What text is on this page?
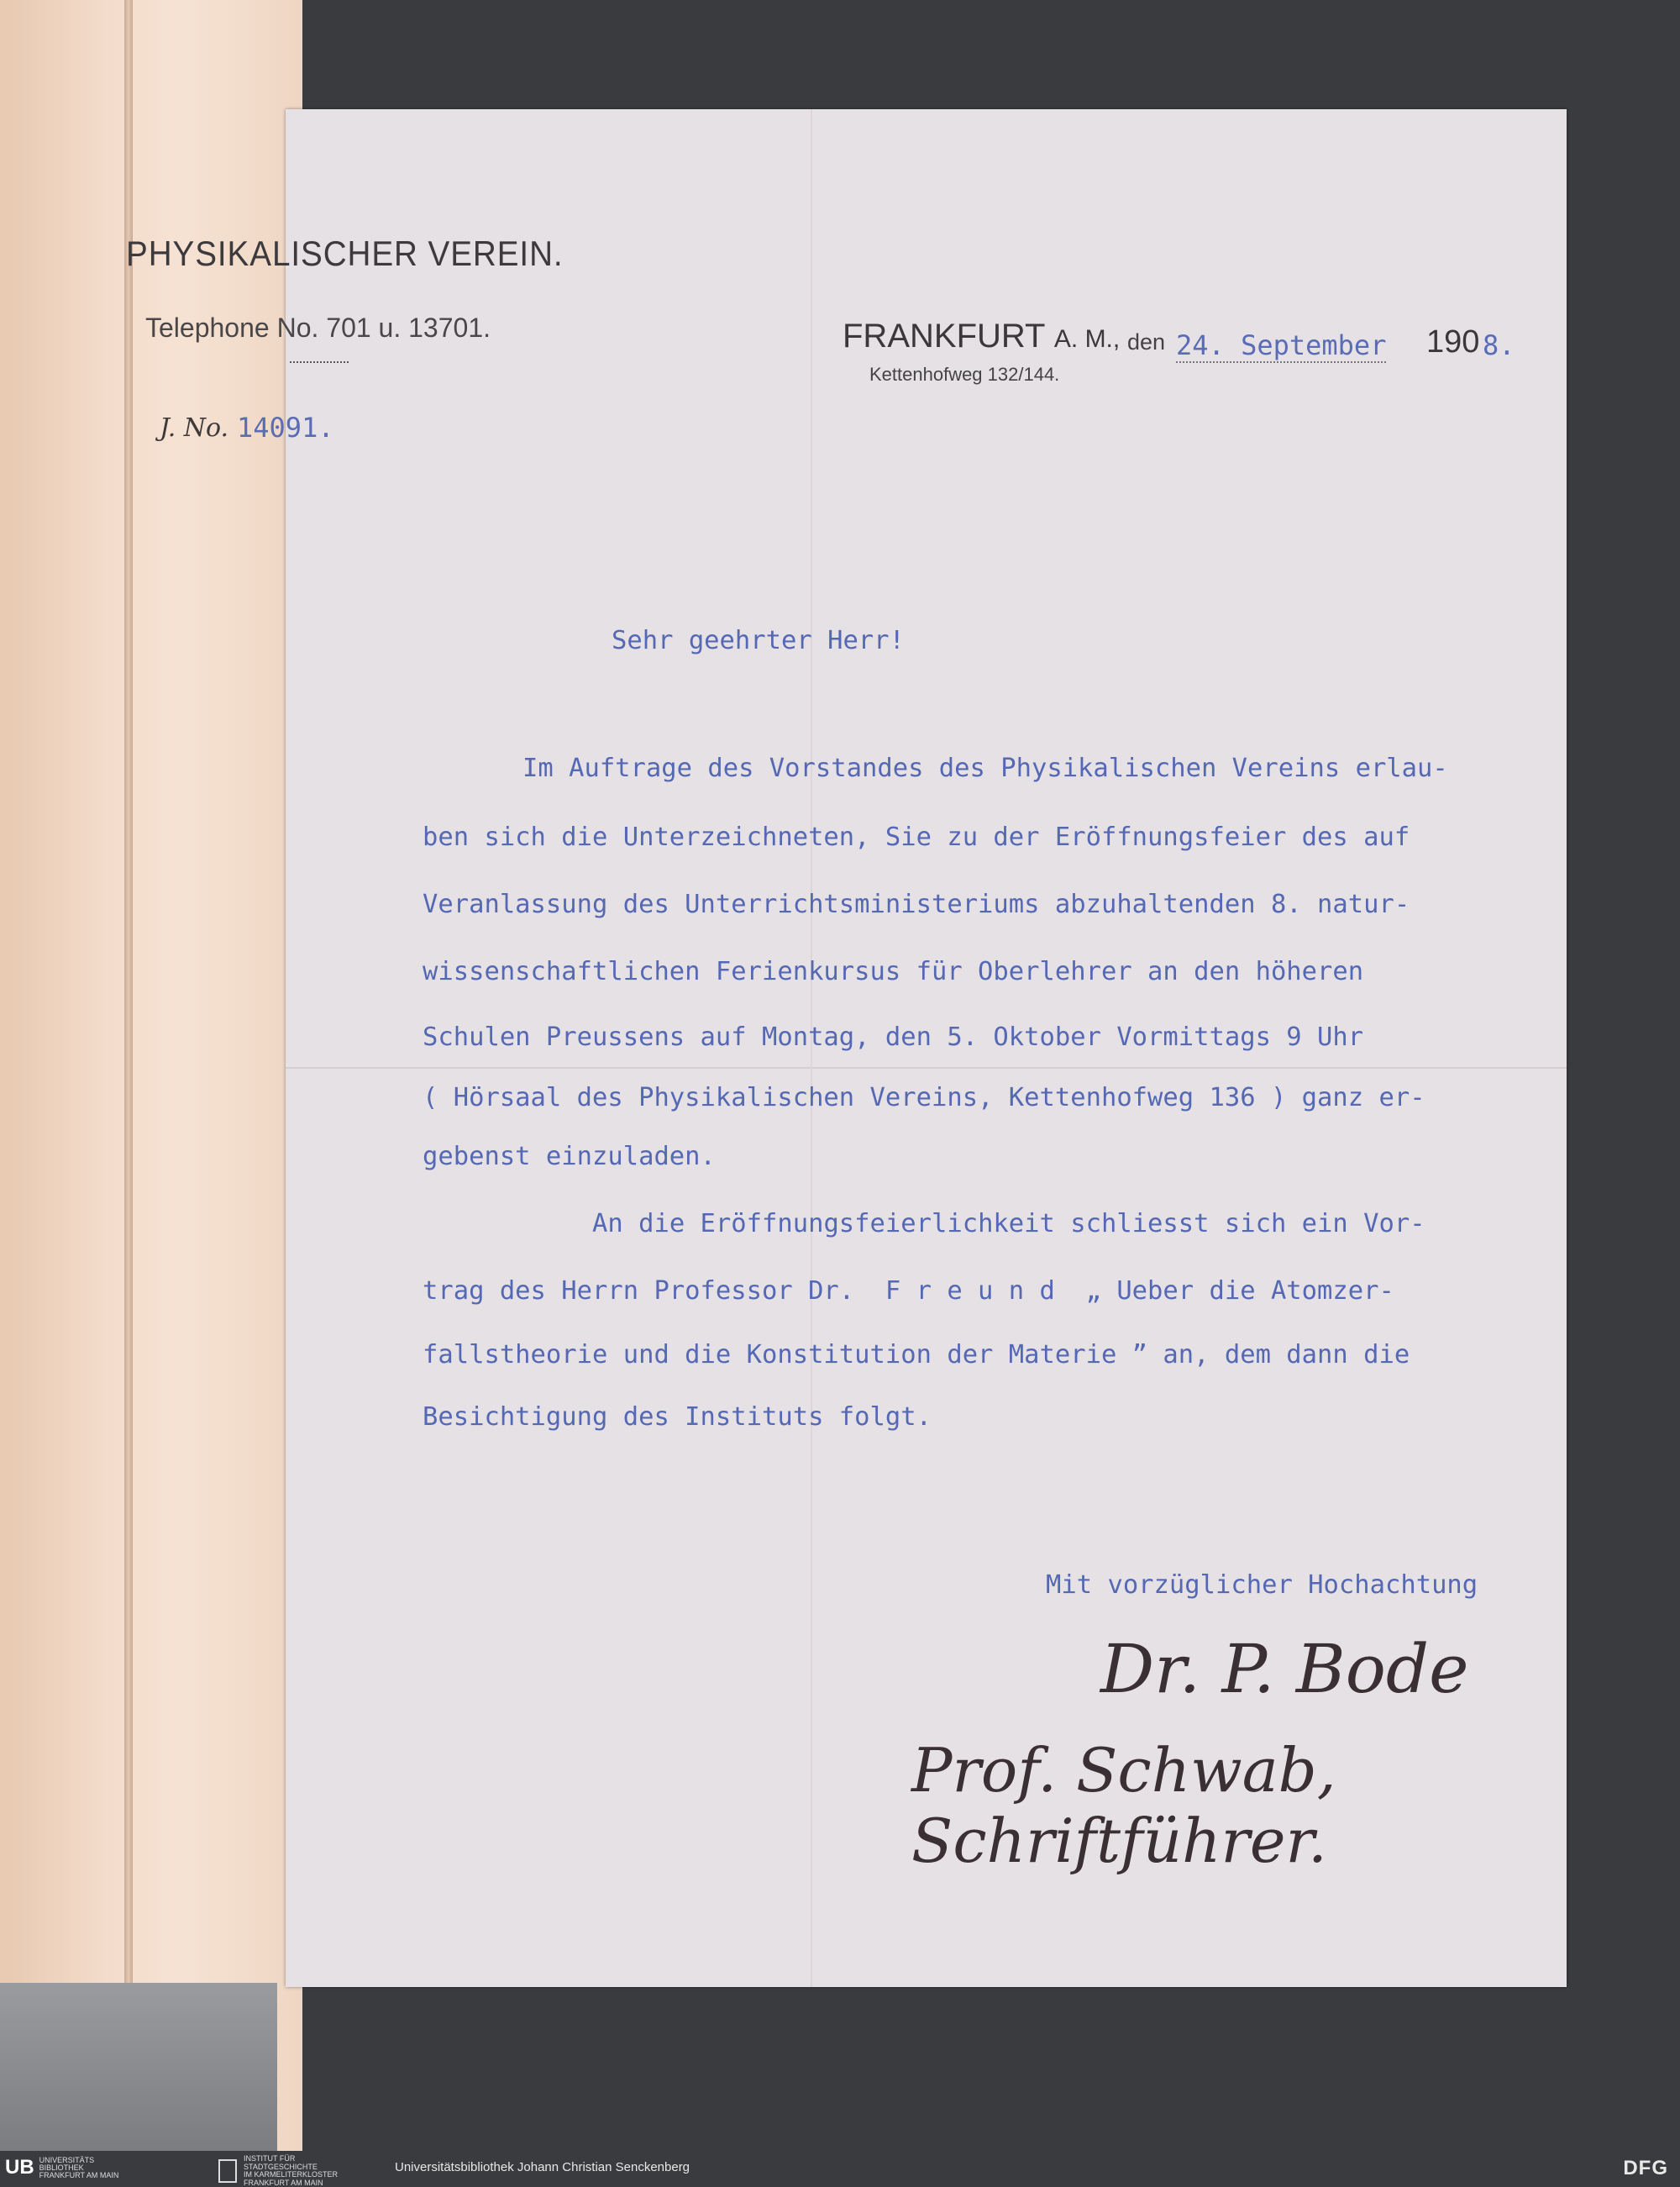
PHYSIKALISCHER VEREIN.
Telephone No. 701 u. 13701.
J. No. 14091.
FRANKFURT A. M., den 24. September 190 8.
Kettenhofweg 132/144.
Sehr geehrter Herr!
Im Auftrage des Vorstandes des Physikalischen Vereins erlau-
ben sich die Unterzeichneten, Sie zu der Eröffnungsfeier des auf
Veranlassung des Unterrichtsministeriums abzuhaltenden 8. natur-
wissenschaftlichen Ferienkursus für Oberlehrer an den höheren
Schulen Preussens auf Montag, den 5. Oktober Vormittags 9 Uhr
( Hörsaal des Physikalischen Vereins, Kettenhofweg 136 ) ganz er-
gebenst einzuladen.
An die Eröffnungsfeierlichkeit schliesst sich ein Vor-
trag des Herrn Professor Dr.  F r e u n d  „ Ueber die Atomzer-
fallstheorie und die Konstitution der Materie ” an, dem dann die
Besichtigung des Instituts folgt.
Mit vorzüglicher Hochachtung
Dr. P. Bode
Prof. Schwab, Schriftführer.
UB UNIVERSITÄTS
BIBLIOTHEK
FRANKFURT AM MAIN
INSTITUT FÜR
STADTGESCHICHTE
IM KARMELITERKLOSTER
FRANKFURT AM MAIN
Universitätsbibliothek Johann Christian Senckenberg	DFG
